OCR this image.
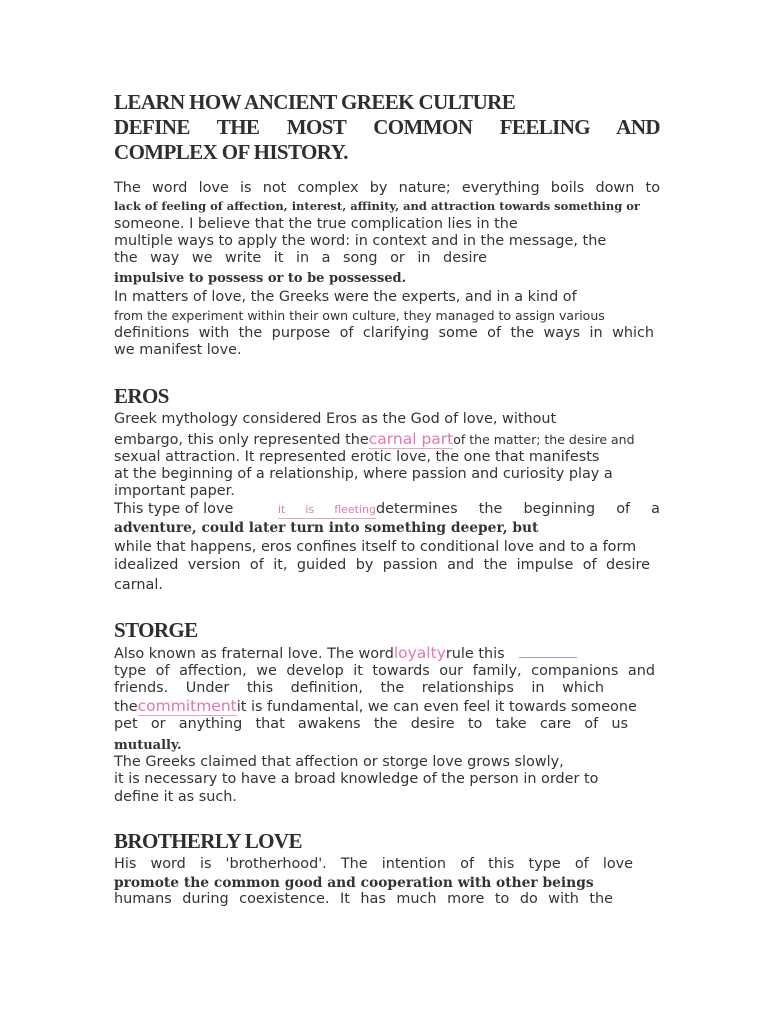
LEARN HOW ANCIENT GREEK CULTURE
DEFINE THE MOST COMMON FEELING AND
COMPLEX OF HISTORY.
The word love is not complex by nature; everything boils down to
lack of feeling of affection, interest, affinity, and attraction towards something or
someone. I believe that the true complication lies in the
multiple ways to apply the word: in context and in the message, the
the way we write it in a song or in desire
impulsive to possess or to be possessed.
In matters of love, the Greeks were the experts, and in a kind of
from the experiment within their own culture, they managed to assign various
definitions with the purpose of clarifying some of the ways in which
we manifest love.
EROS
Greek mythology considered Eros as the God of love, without
embargo, this only represented thecarnal partof the matter; the desire and
sexual attraction. It represented erotic love, the one that manifests
at the beginning of a relationship, where passion and curiosity play a
important paper.
This type of love	it is fleeting determines the beginning of a
adventure, could later turn into something deeper, but
while that happens, eros confines itself to conditional love and to a form
idealized version of it, guided by passion and the impulse of desire
carnal.
STORGE
Also known as fraternal love. The wordloyaltyrule this
type of affection, we develop it towards our family, companions and
friends. Under this definition, the relationships in which
thecommitmentit is fundamental, we can even feel it towards someone
pet or anything that awakens the desire to take care of us
mutually.
The Greeks claimed that affection or storge love grows slowly,
it is necessary to have a broad knowledge of the person in order to
define it as such.
BROTHERLY LOVE
His word is 'brotherhood'. The intention of this type of love
promote the common good and cooperation with other beings
humans during coexistence. It has much more to do with the
